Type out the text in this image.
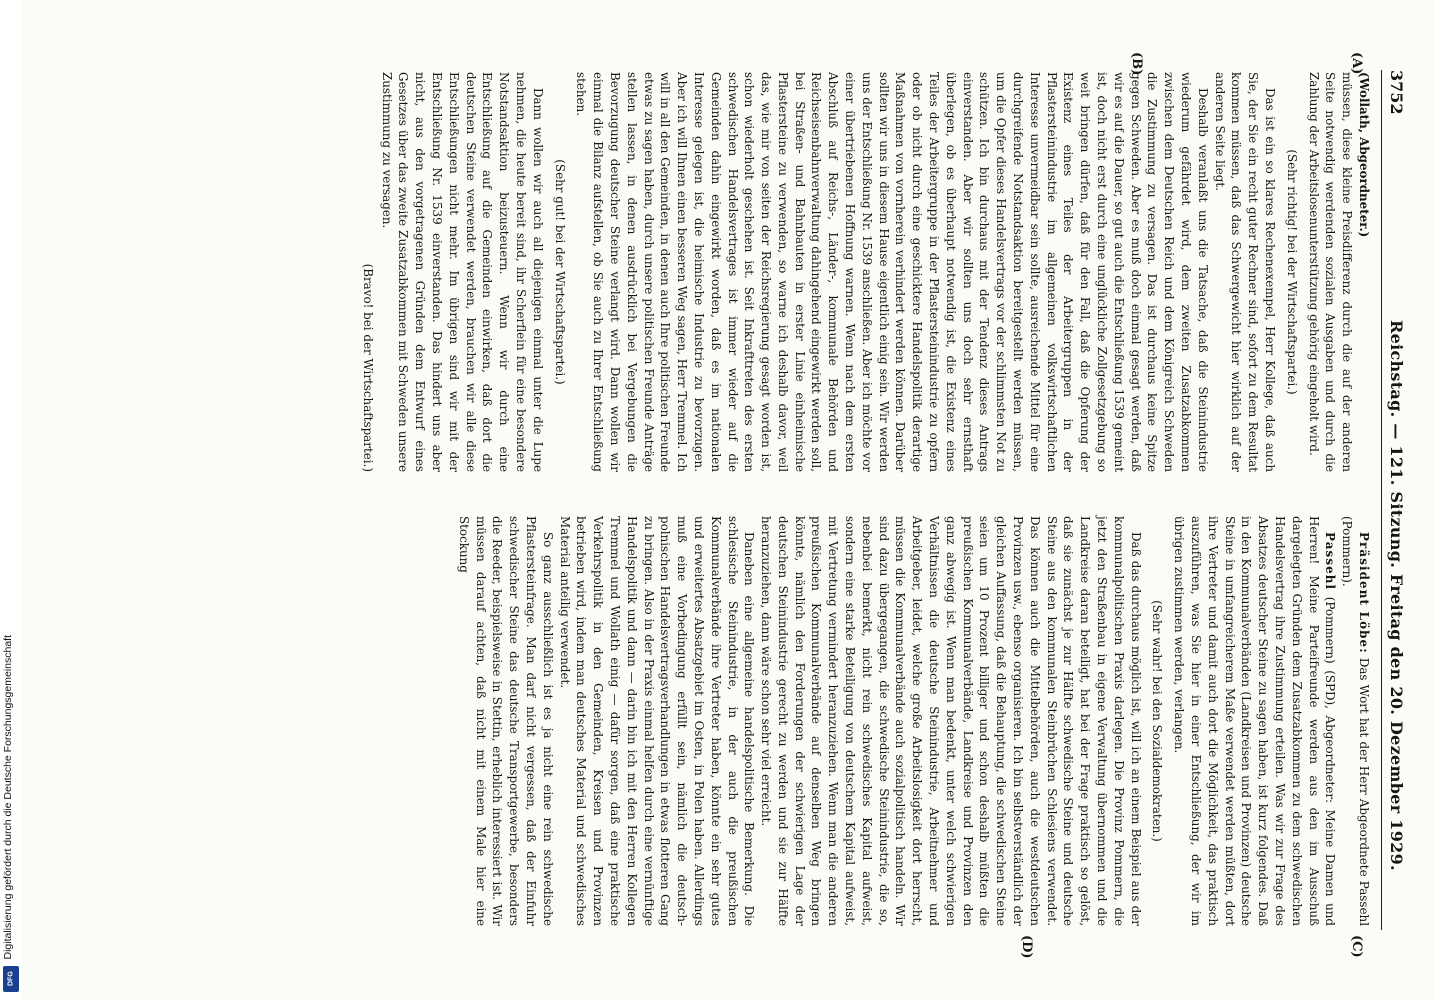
3752
Reichstag. — 121. Sitzung. Freitag den 20. Dezember 1929.
(A)
(B)
(C)
(D)

(Wollath, Abgeordneter.)

müssen, diese kleine Preisdifferenz durch die auf der anderen Seite notwendig werdenden sozialen Ausgaben und durch die Zahlung der Arbeitslosenunterstützung gehörig eingeholt wird.

(Sehr richtig! bei der Wirtschaftspartei.)

Das ist ein so klares Rechenexempel, Herr Kollege, daß auch Sie, der Sie ein recht guter Rechner sind, sofort zu dem Resultat kommen müssen, daß das Schwergewicht hier wirklich auf der anderen Seite liegt.

Deshalb veranlaßt uns die Tatsache, daß die Steinindustrie wiederum gefährdet wird, dem zweiten Zusatzabkommen zwischen dem Deutschen Reich und dem Königreich Schweden die Zustimmung zu versagen. Das ist durchaus keine Spitze gegen Schweden. Aber es muß doch einmal gesagt werden, daß wir es auf die Dauer, so gut auch die Entschließung 1539 gemeint ist, doch nicht erst durch eine unglückliche Zollgesetzgebung so weit bringen dürfen, daß für den Fall, daß die Opferung der Existenz eines Teiles der Arbeitergruppen in der Pflastersteinindustrie im allgemeinen volkswirtschaftlichen Interesse unvermeidbar sein sollte, ausreichende Mittel für eine durchgreifende Notstandsaktion bereitgestellt werden müssen, um die Opfer dieses Handelsvertrags vor der schlimmsten Not zu schützen. Ich bin durchaus mit der Tendenz dieses Antrags einverstanden. Aber wir sollten uns doch sehr ernsthaft überlegen, ob es überhaupt notwendig ist, die Existenz eines Teiles der Arbeitergruppe in der Pflastersteinindustrie zu opfern oder ob nicht durch eine geschicktere Handelspolitik derartige Maßnahmen von vornherein verhindert werden können. Darüber sollten wir uns in diesem Hause eigentlich einig sein. Wir werden uns der Entschließung Nr. 1539 anschließen. Aber ich möchte vor einer übertriebenen Hoffnung warnen. Wenn nach dem ersten Abschluß auf Reichs-, Länder-, kommunale Behörden und Reichseisenbahnverwaltung dahingehend eingewirkt werden soll, bei Straßen- und Bahnbauten in erster Linie einheimische Pflastersteine zu verwenden, so warne ich deshalb davor, weil das, wie mir von seiten der Reichsregierung gesagt worden ist, schon wiederholt geschehen ist. Seit Inkrafttreten des ersten schwedischen Handelsvertrages ist immer wieder auf die Gemeinden dahin eingewirkt worden, daß es im nationalen Interesse gelegen ist, die heimische Industrie zu bevorzugen. Aber ich will Ihnen einen besseren Weg sagen, Herr Tremmel. Ich will in all den Gemeinden, in denen auch Ihre politischen Freunde etwas zu sagen haben, durch unsere politischen Freunde Anträge stellen lassen, in denen ausdrücklich bei Vergebungen die Bevorzugung deutscher Steine verlangt wird. Dann wollen wir einmal die Bilanz aufstellen, ob Sie auch zu Ihrer Entschließung stehen.

(Sehr gut! bei der Wirtschaftspartei.)

Dann wollen wir auch all diejenigen einmal unter die Lupe nehmen, die heute bereit sind, ihr Scherflein für eine besondere Notstandsaktion beizusteuern. Wenn wir durch eine Entschließung auf die Gemeinden einwirken, daß dort die deutschen Steine verwendet werden, brauchen wir alle diese Entschließungen nicht mehr. Im übrigen sind wir mit der Entschließung Nr. 1539 einverstanden. Das hindert uns aber nicht, aus den vorgetragenen Gründen dem Entwurf eines Gesetzes über das zweite Zusatzabkommen mit Schweden unsere Zustimmung zu versagen.

(Bravo! bei der Wirtschaftspartei.)

Präsident Löbe: Das Wort hat der Herr Abgeordnete Passehl (Pommern).

Passehl (Pommern) (SPD), Abgeordneter: Meine Damen und Herren! Meine Parteifreunde werden aus den im Ausschuß dargelegten Gründen dem Zusatzabkommen zu dem schwedischen Handelsvertrag ihre Zustimmung erteilen. Was wir zur Frage des Absatzes deutscher Steine zu sagen haben, ist kurz folgendes. Daß in den Kommunalverbänden (Landkreisen und Provinzen) deutsche Steine in umfangreicherem Maße verwendet werden müßten, dort ihre Vertreter und damit auch dort die Möglichkeit, das praktisch auszuführen, was Sie hier in einer Entschließung, der wir im übrigen zustimmen werden, verlangen.

(Sehr wahr! bei den Sozialdemokraten.)

Daß das durchaus möglich ist, will ich an einem Beispiel aus der kommunalpolitischen Praxis darlegen. Die Provinz Pommern, die jetzt den Straßenbau in eigene Verwaltung übernommen und die Landkreise daran beteiligt, hat bei der Frage praktisch so gelöst, daß sie zunächst je zur Hälfte schwedische Steine und deutsche Steine aus den kommunalen Steinbrüchen Schlesiens verwendet. Das können auch die Mittelbehörden, auch die westdeutschen Provinzen usw., ebenso organisieren. Ich bin selbstverständlich der gleichen Auffassung, daß die Behauptung, die schwedischen Steine seien um 10 Prozent billiger und schon deshalb müßten die preußischen Kommunalverbände, Landkreise und Provinzen den ganz abwegig ist. Wenn man bedenkt, unter welch schwierigen Verhältnissen die deutsche Steinindustrie, Arbeitnehmer und Arbeitgeber, leidet, welche große Arbeitslosigkeit dort herrscht, müssen die Kommunalverbände auch sozialpolitisch handeln. Wir sind dazu übergegangen, die schwedische Steinindustrie, die so, nebenbei bemerkt, nicht rein schwedisches Kapital aufweist, sondern eine starke Beteiligung von deutschem Kapital aufweist, mit Vertretung vermindert heranzuziehen. Wenn man die anderen preußischen Kommunalverbände auf denselben Weg bringen könnte, nämlich den Forderungen der schwierigen Lage der deutschen Steinindustrie gerecht zu werden und sie zur Hälfte heranzuziehen, dann wäre schon sehr viel erreicht.

Daneben eine allgemeine handelspolitische Bemerkung. Die schlesische Steinindustrie, in der auch die preußischen Kommunalverbände ihre Vertreter haben, könnte ein sehr gutes und erweitertes Absatzgebiet im Osten, in Polen haben. Allerdings muß eine Vorbedingung erfüllt sein, nämlich die deutsch-polnischen Handelsvertragsverhandlungen in etwas flotteren Gang zu bringen. Also in der Praxis einmal helfen durch eine vernünftige Handelspolitik und dann — darin bin ich mit den Herren Kollegen Tremmel und Wollath einig — dafür sorgen, daß eine praktische Verkehrspolitik in den Gemeinden, Kreisen und Provinzen betrieben wird, indem man deutsches Material und schwedisches Material anteilig verwendet.

So ganz ausschließlich ist es ja nicht eine rein schwedische Pflastersteinfrage. Man darf nicht vergessen, daß der Einfuhr schwedischer Steine das deutsche Transportgewerbe, besonders die Reeder, beispielsweise in Stettin, erheblich interessiert ist. Wir müssen darauf achten, daß nicht mit einem Male hier eine Stockung

Digitalisierung gefördert durch die Deutsche Forschungsgemeinschaft
DFG
